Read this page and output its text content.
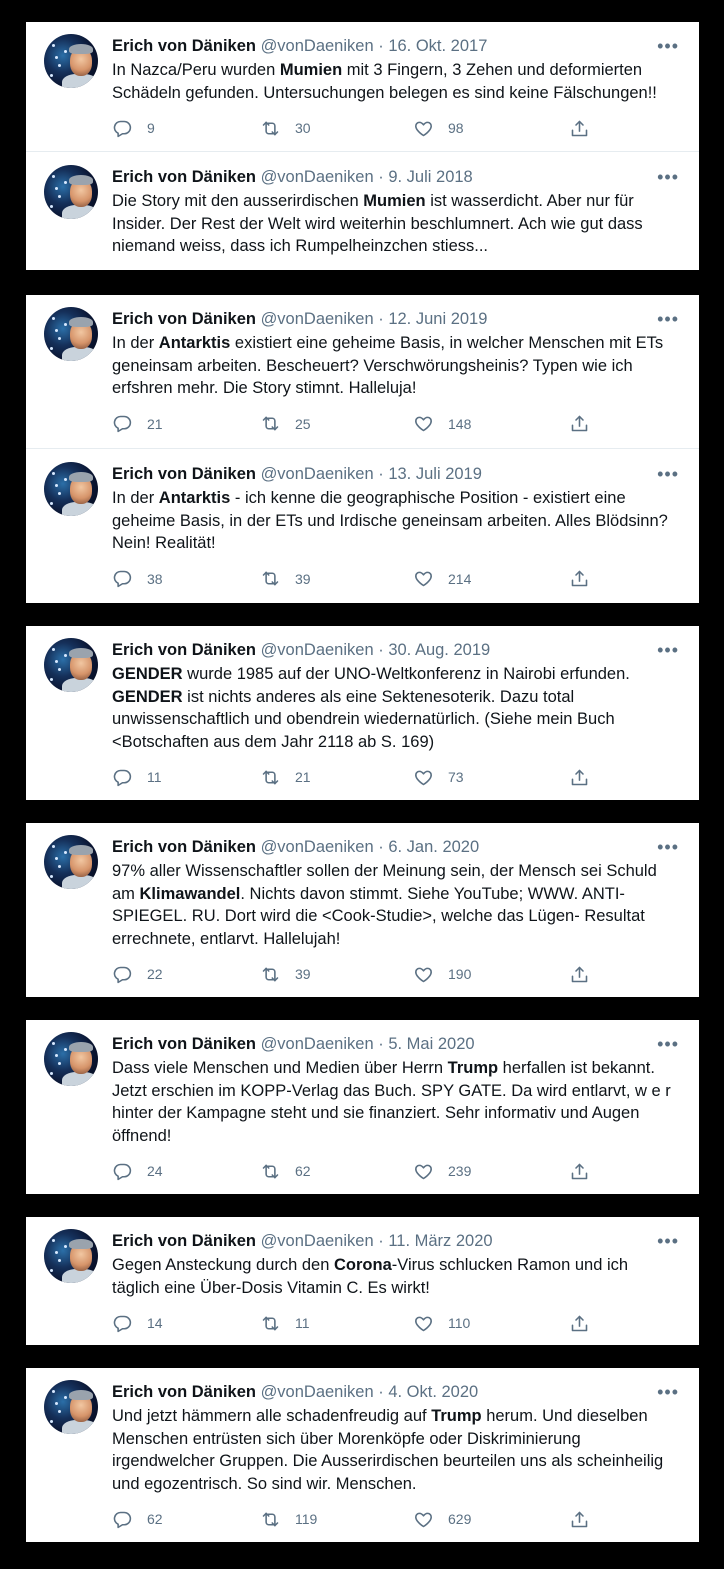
Erich von Däniken @vonDaeniken · 16. Okt. 2017	•••
In Nazca/Peru wurden Mumien mit 3 Fingern, 3 Zehen und deformierten
Schädeln gefunden. Untersuchungen belegen es sind keine Fälschungen!!
9	30	98
Erich von Däniken @vonDaeniken · 9. Juli 2018	•••
Die Story mit den ausserirdischen Mumien ist wasserdicht. Aber nur für
Insider. Der Rest der Welt wird weiterhin beschlumnert. Ach wie gut dass
niemand weiss, dass ich Rumpelheinzchen stiess...
Erich von Däniken @vonDaeniken · 12. Juni 2019	•••
In der Antarktis existiert eine geheime Basis, in welcher Menschen mit ETs
geneinsam arbeiten. Bescheuert? Verschwörungsheinis? Typen wie ich
erfshren mehr. Die Story stimnt. Halleluja!
21	25	148
Erich von Däniken @vonDaeniken · 13. Juli 2019	•••
In der Antarktis - ich kenne die geographische Position - existiert eine
geheime Basis, in der ETs und Irdische geneinsam arbeiten. Alles Blödsinn?
Nein! Realität!
38	39	214
Erich von Däniken @vonDaeniken · 30. Aug. 2019	•••
GENDER wurde 1985 auf der UNO-Weltkonferenz in Nairobi erfunden.
GENDER ist nichts anderes als eine Sektenesoterik. Dazu total
unwissenschaftlich und obendrein wiedernatürlich. (Siehe mein Buch
<Botschaften aus dem Jahr 2118 ab S. 169)
11	21	73
Erich von Däniken @vonDaeniken · 6. Jan. 2020	•••
97% aller Wissenschaftler sollen der Meinung sein, der Mensch sei Schuld
am Klimawandel. Nichts davon stimmt. Siehe YouTube; WWW. ANTI-
SPIEGEL. RU. Dort wird die <Cook-Studie>, welche das Lügen- Resultat
errechnete, entlarvt. Hallelujah!
22	39	190
Erich von Däniken @vonDaeniken · 5. Mai 2020	•••
Dass viele Menschen und Medien über Herrn Trump herfallen ist bekannt.
Jetzt erschien im KOPP-Verlag das Buch. SPY GATE. Da wird entlarvt, w e r
hinter der Kampagne steht und sie finanziert. Sehr informativ und Augen
öffnend!
24	62	239
Erich von Däniken @vonDaeniken · 11. März 2020	•••
Gegen Ansteckung durch den Corona-Virus schlucken Ramon und ich
täglich eine Über-Dosis Vitamin C. Es wirkt!
14	11	110
Erich von Däniken @vonDaeniken · 4. Okt. 2020	•••
Und jetzt hämmern alle schadenfreudig auf Trump herum. Und dieselben
Menschen entrüsten sich über Morenköpfe oder Diskriminierung
irgendwelcher Gruppen. Die Ausserirdischen beurteilen uns als scheinheilig
und egozentrisch. So sind wir. Menschen.
62	119	629
